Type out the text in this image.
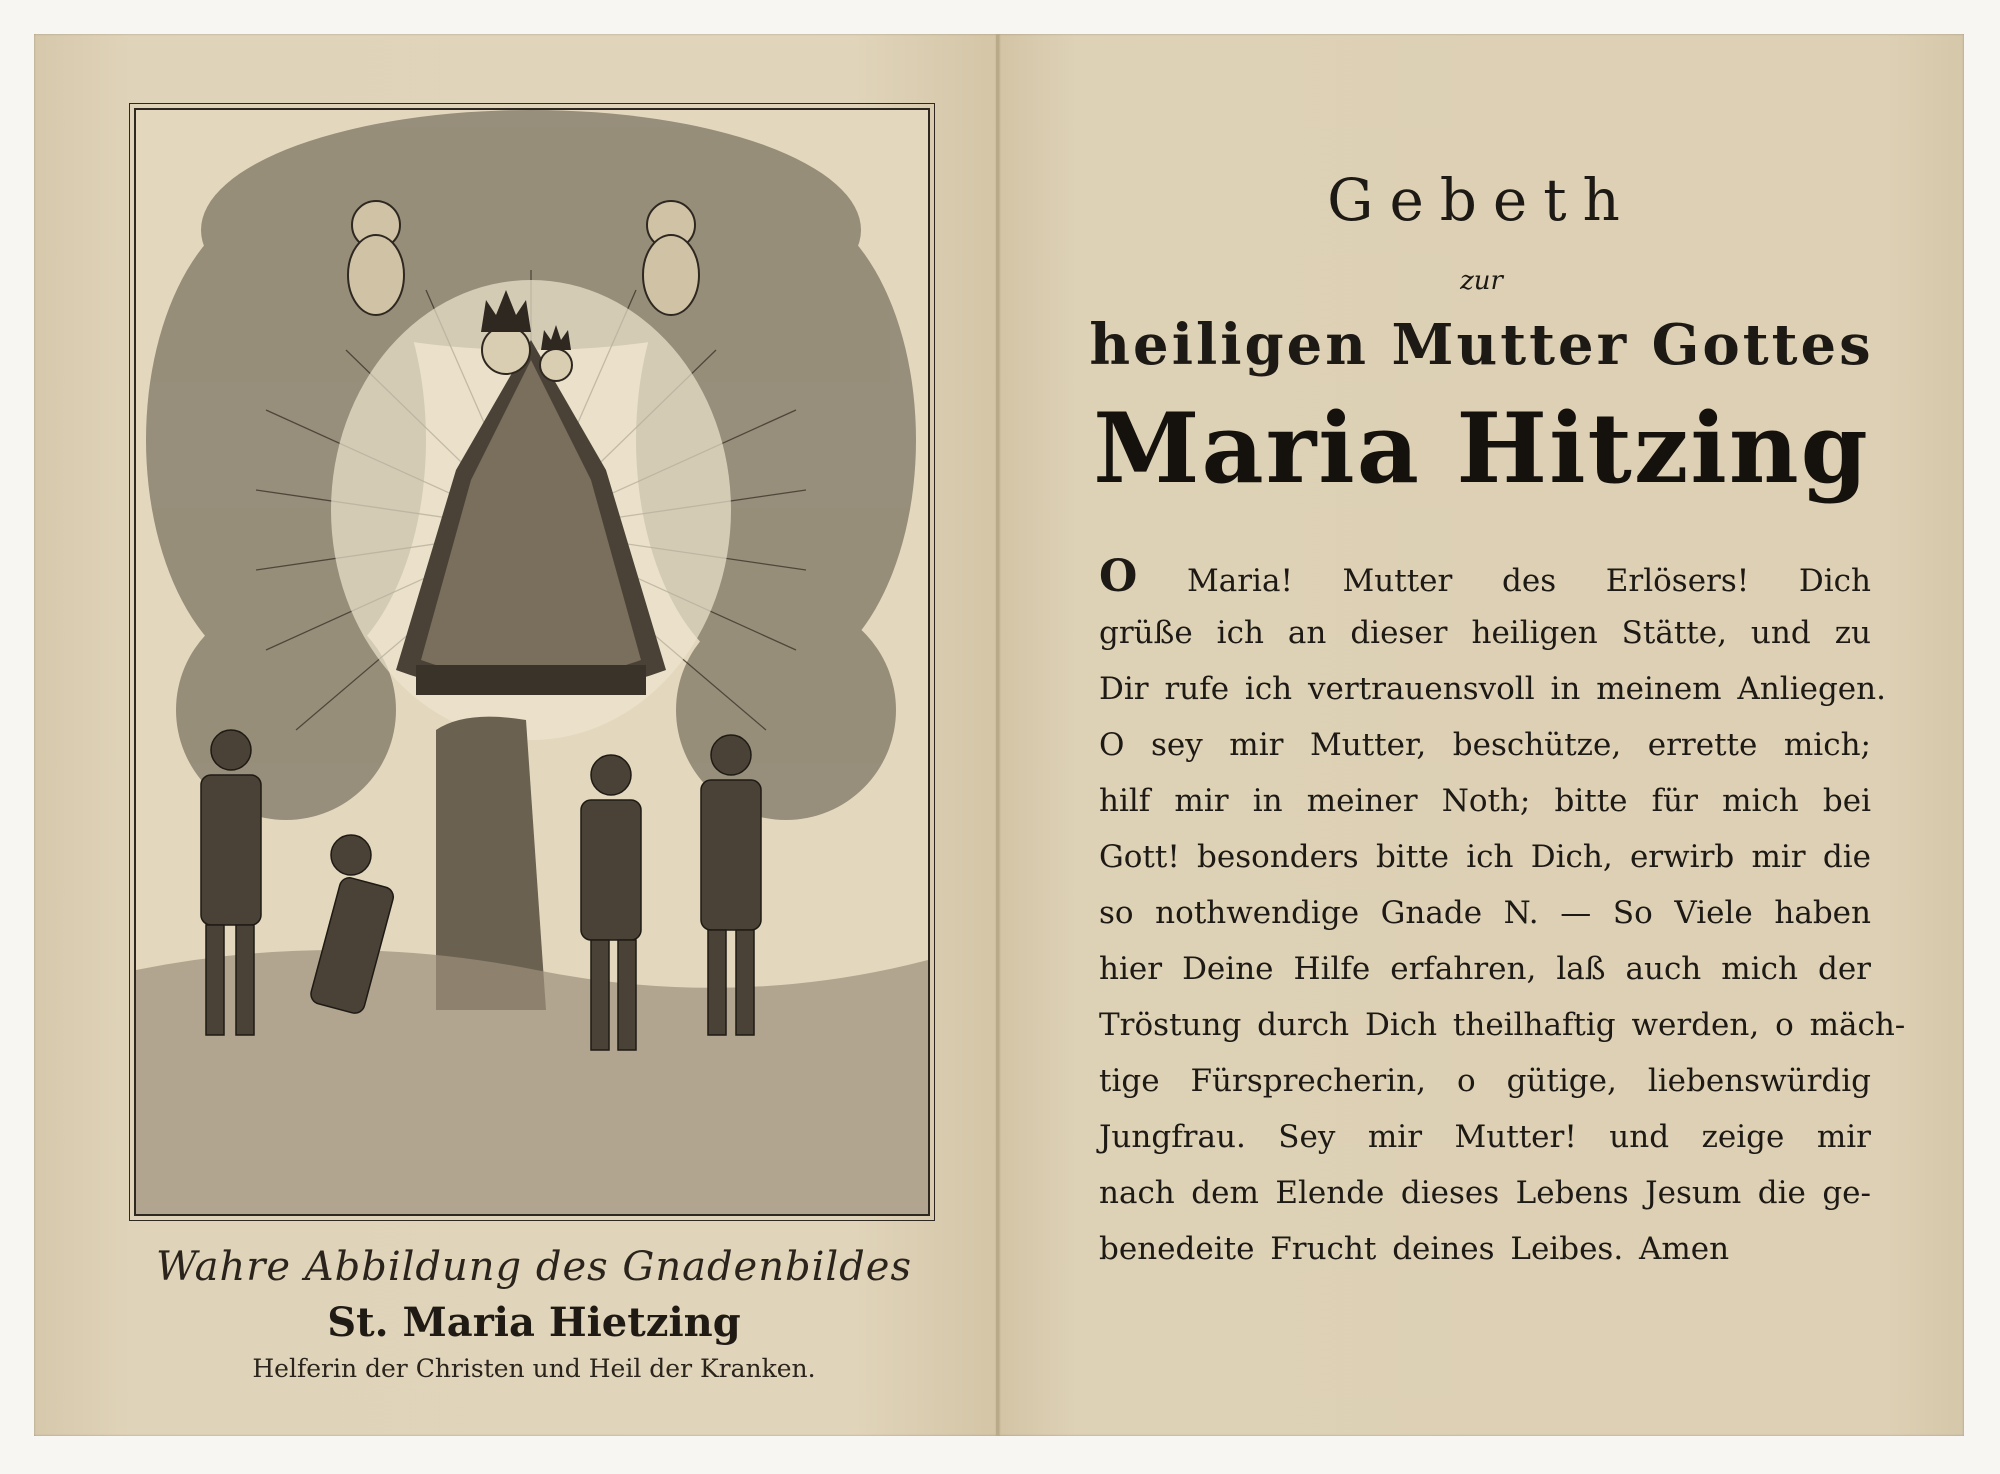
Wahre Abbildung des Gnadenbildes
St. Maria Hietzing
Helferin der Christen und Heil der Kranken.
Gebeth
zur
heiligen Mutter Gottes
Maria Hitzing
O Maria! Mutter des Erlösers! Dich
grüße ich an dieser heiligen Stätte, und zu
Dir rufe ich vertrauensvoll in meinem Anliegen.
O sey mir Mutter, beschütze, errette mich;
hilf mir in meiner Noth; bitte für mich bei
Gott! besonders bitte ich Dich, erwirb mir die
so nothwendige Gnade N. — So Viele haben
hier Deine Hilfe erfahren, laß auch mich der
Tröstung durch Dich theilhaftig werden, o mäch-
tige Fürsprecherin, o gütige, liebenswürdig
Jungfrau. Sey mir Mutter! und zeige mir
nach dem Elende dieses Lebens Jesum die ge-
benedeite Frucht deines Leibes. Amen
